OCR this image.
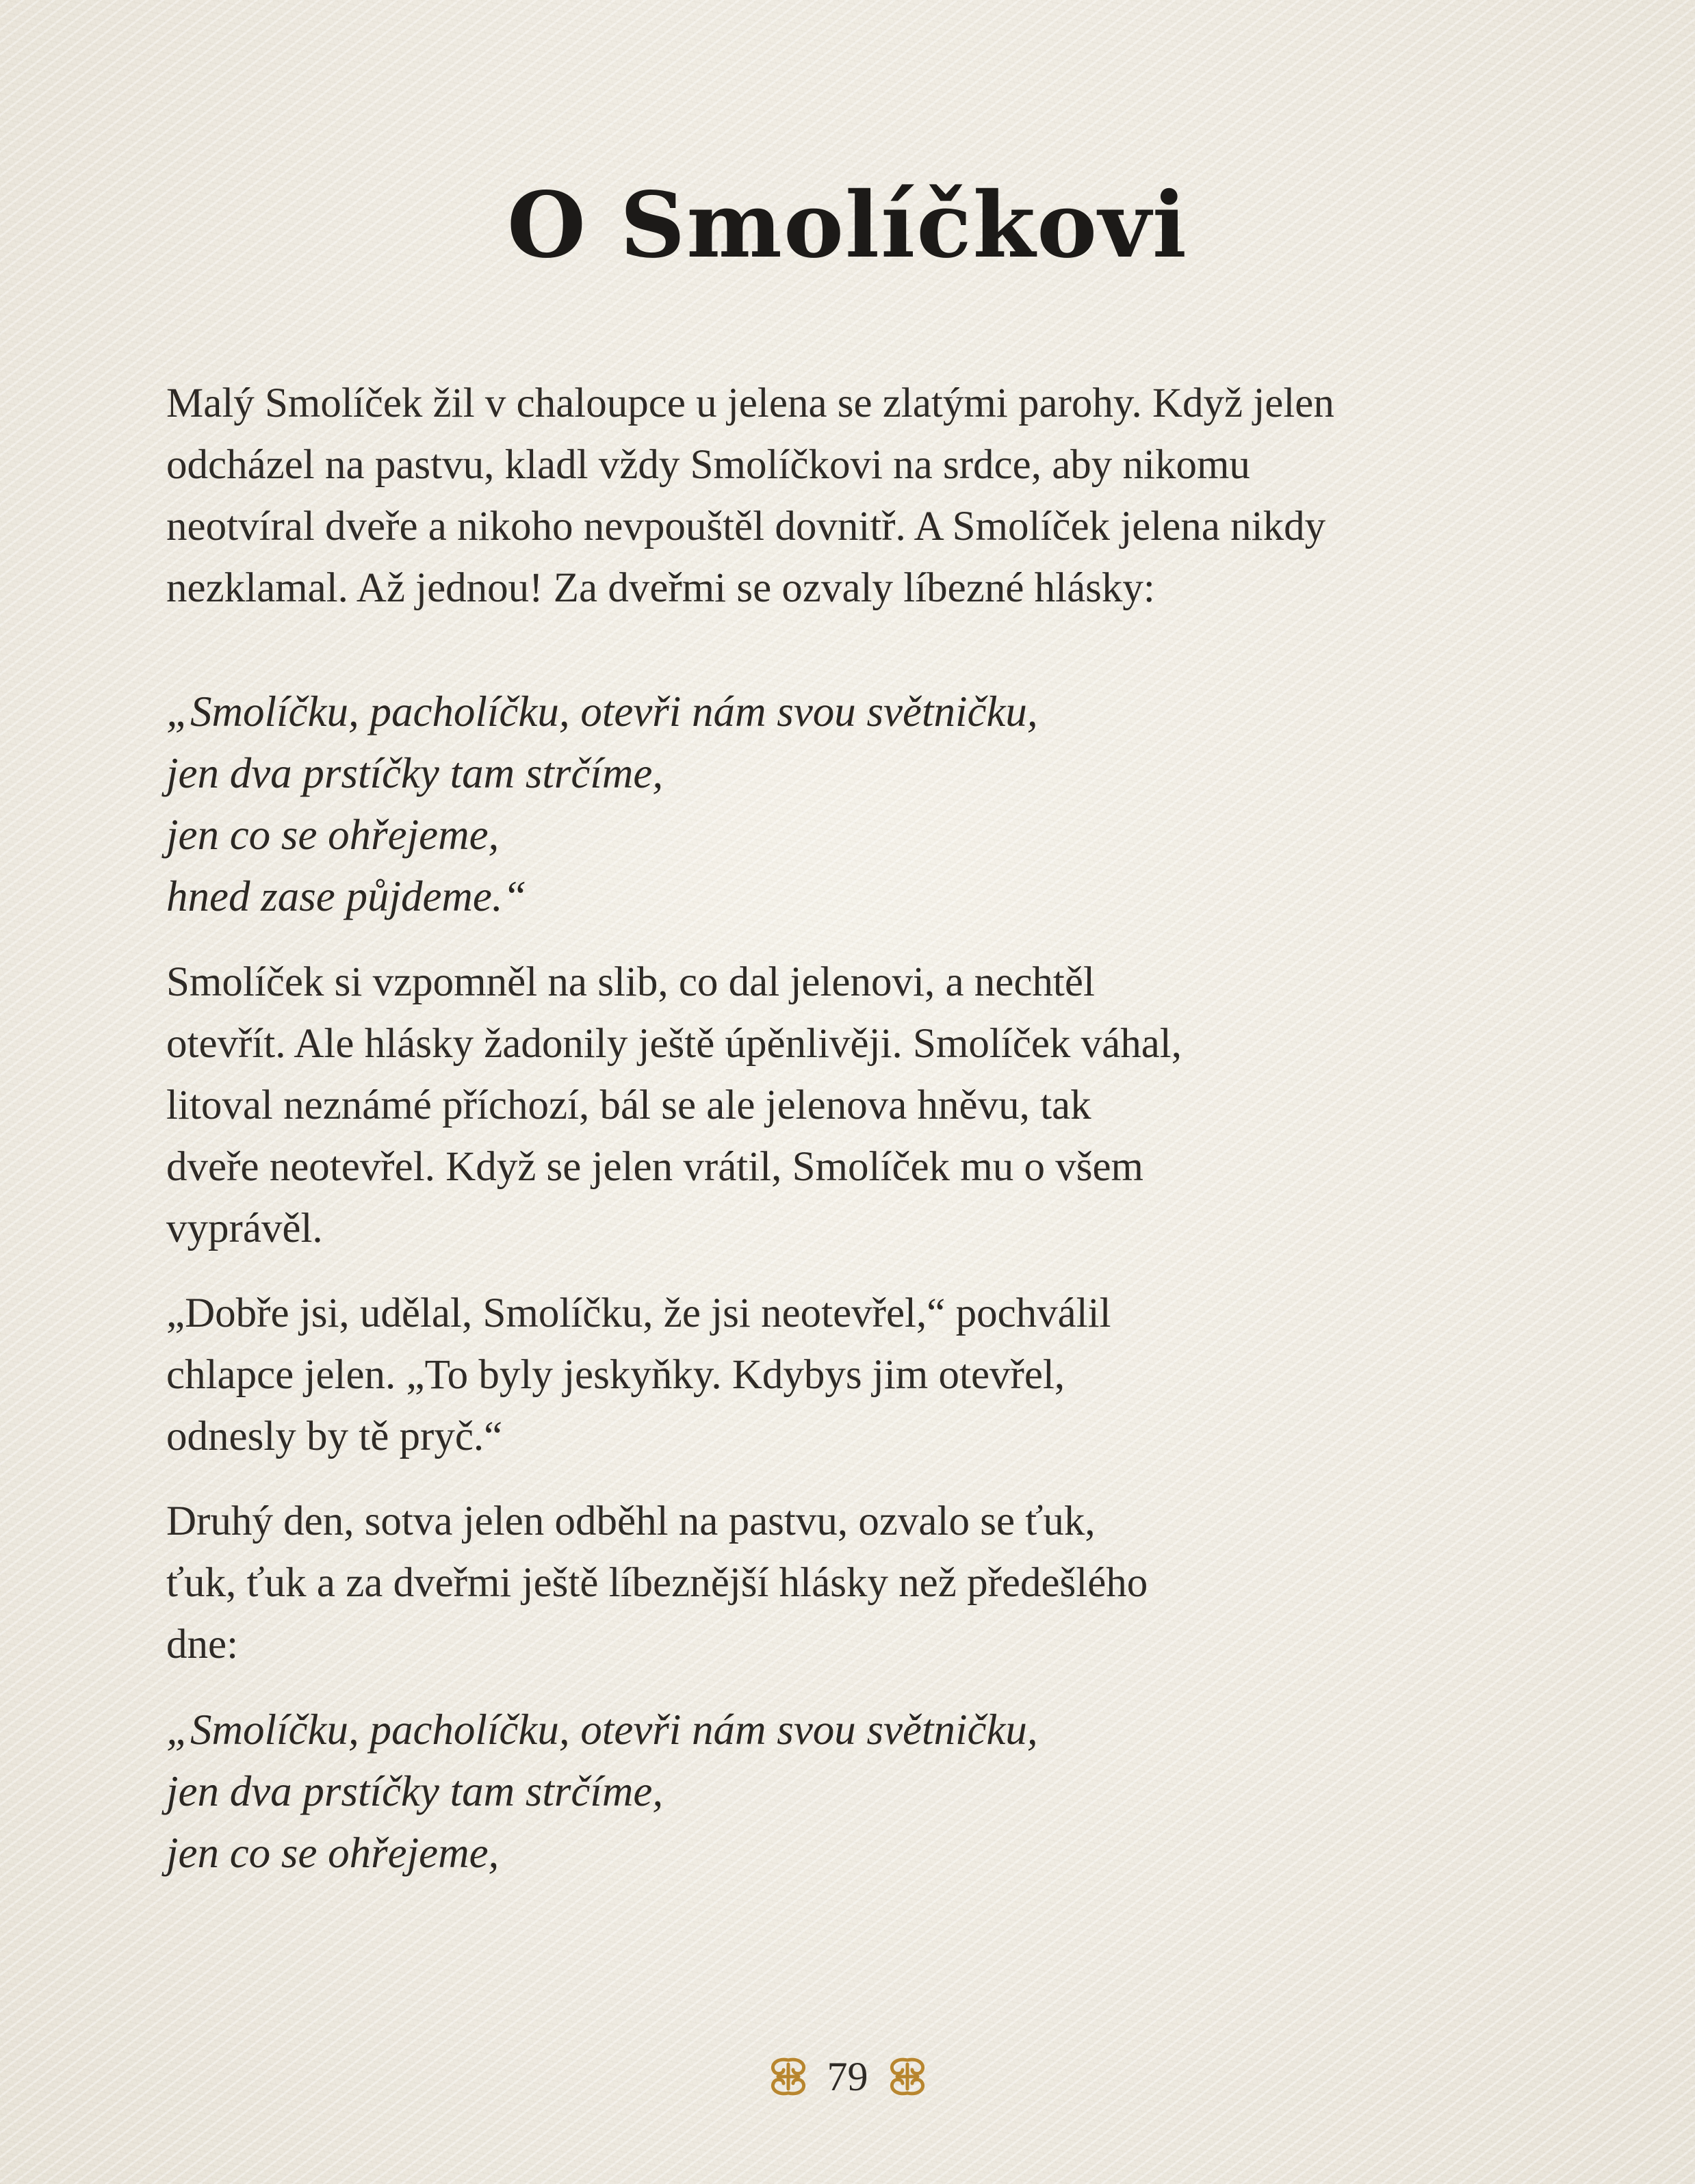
O Smolíčkovi

Malý Smolíček žil v chaloupce u jelena se zlatými parohy. Když jelen
odcházel na pastvu, kladl vždy Smolíčkovi na srdce, aby nikomu
neotvíral dveře a nikoho nevpouštěl dovnitř. A Smolíček jelena nikdy
nezklamal. Až jednou! Za dveřmi se ozvaly líbezné hlásky:

„Smolíčku, pacholíčku, otevři nám svou světničku,
jen dva prstíčky tam strčíme,
jen co se ohřejeme,
hned zase půjdeme.“

Smolíček si vzpomněl na slib, co dal jelenovi, a nechtěl
otevřít. Ale hlásky žadonily ještě úpěnlivěji. Smolíček váhal,
litoval neznámé příchozí, bál se ale jelenova hněvu, tak
dveře neotevřel. Když se jelen vrátil, Smolíček mu o všem
vyprávěl.

„Dobře jsi, udělal, Smolíčku, že jsi neotevřel,“ pochválil
chlapce jelen. „To byly jeskyňky. Kdybys jim otevřel,
odnesly by tě pryč.“

Druhý den, sotva jelen odběhl na pastvu, ozvalo se ťuk,
ťuk, ťuk a za dveřmi ještě líbeznější hlásky než předešlého
dne:

„Smolíčku, pacholíčku, otevři nám svou světničku,
jen dva prstíčky tam strčíme,
jen co se ohřejeme,

79
